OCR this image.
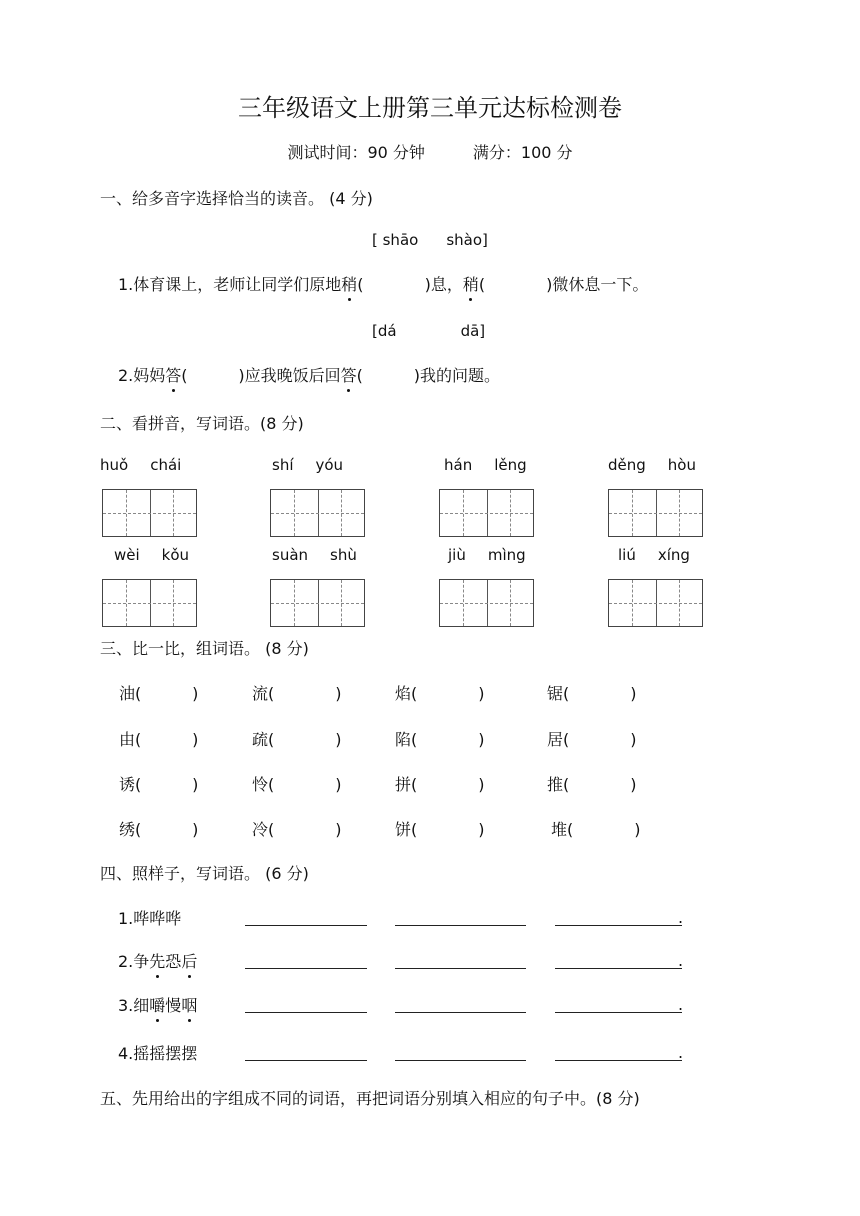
三年级语文上册第三单元达标检测卷
测试时间：90 分钟	满分：100 分
一、给多音字选择恰当的读音。 (4 分)
[ shāo shào]
1.体育课上，老师让同学们原地稍(            )息，稍(            )微休息一下。
[dá	dā]
2.妈妈答(          )应我晚饭后回答(          )我的问题。
二、看拼音，写词语。(8 分)
huǒ chái	shí yóu	hán lěng	děng hòu
wèi kǒu	suàn shù	jiù mìng	liú xíng
三、比一比，组词语。 (8 分)
油(          )	流(            )	焰(            )	锯(            )
由(          )	疏(            )	陷(            )	居(            )
诱(          )	怜(            )	拼(            )	推(            )
绣(          )	冷(            )	饼(            )	堆(            )
四、照样子，写词语。 (6 分)
1.哗哗哗	.
2.争先恐后	.
3.细嚼慢咽	.
4.摇摇摆摆	.
五、先用给出的字组成不同的词语，再把词语分别填入相应的句子中。(8 分)
